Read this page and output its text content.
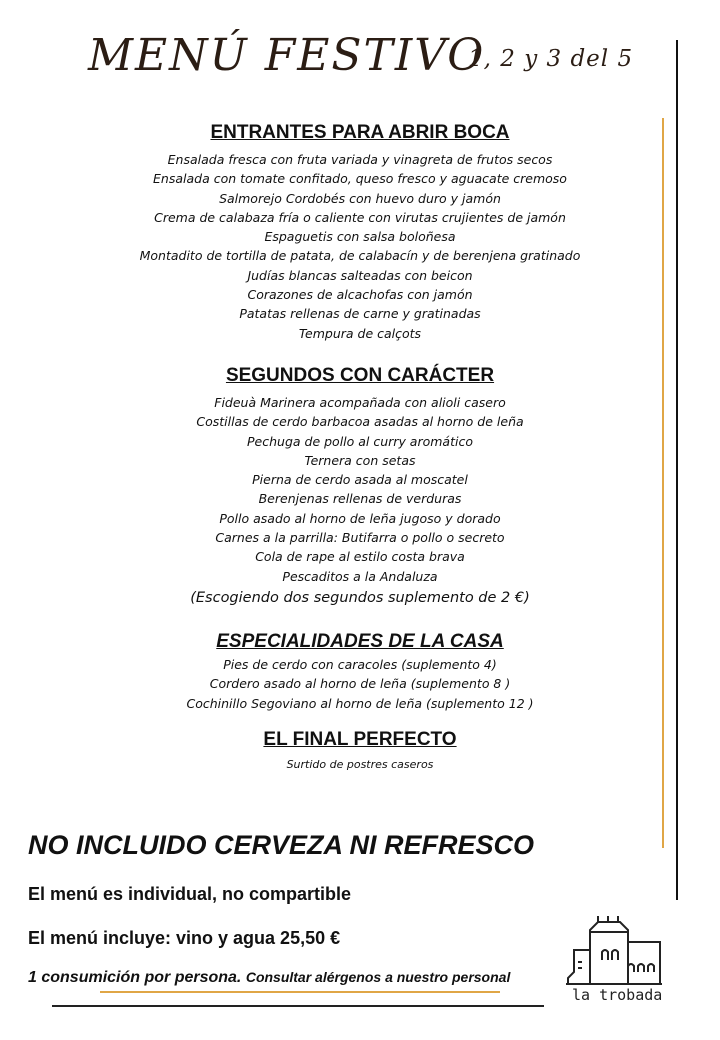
MENÚ FESTIVO
1, 2 y 3 del 5
ENTRANTES PARA ABRIR BOCA
Ensalada fresca con fruta variada y vinagreta de frutos secos
Ensalada con tomate confitado, queso fresco y aguacate cremoso
Salmorejo Cordobés con huevo duro y jamón
Crema de calabaza fría o caliente con virutas crujientes de jamón
Espaguetis con salsa boloñesa
Montadito de tortilla de patata, de calabacín y de berenjena gratinado
Judías blancas salteadas con beicon
Corazones de alcachofas con jamón
Patatas rellenas de carne y gratinadas
Tempura de calçots
SEGUNDOS CON CARÁCTER
Fideuà Marinera acompañada con alioli casero
Costillas de cerdo barbacoa asadas al horno de leña
Pechuga de pollo al curry aromático
Ternera con setas
Pierna de cerdo asada al moscatel
Berenjenas rellenas de verduras
Pollo asado al horno de leña jugoso y dorado
Carnes a la parrilla: Butifarra o pollo o secreto
Cola de rape al estilo costa brava
Pescaditos a la Andaluza
(Escogiendo dos segundos suplemento de 2 €)
ESPECIALIDADES DE LA CASA
Pies de cerdo con caracoles (suplemento 4)
Cordero asado al horno de leña (suplemento 8 )
Cochinillo Segoviano al horno de leña (suplemento 12 )
EL FINAL PERFECTO
Surtido de postres caseros
NO INCLUIDO CERVEZA NI REFRESCO
El menú es individual, no compartible
El menú incluye: vino y agua 25,50 €
1 consumición por persona. Consultar alérgenos a nuestro personal
la trobada
